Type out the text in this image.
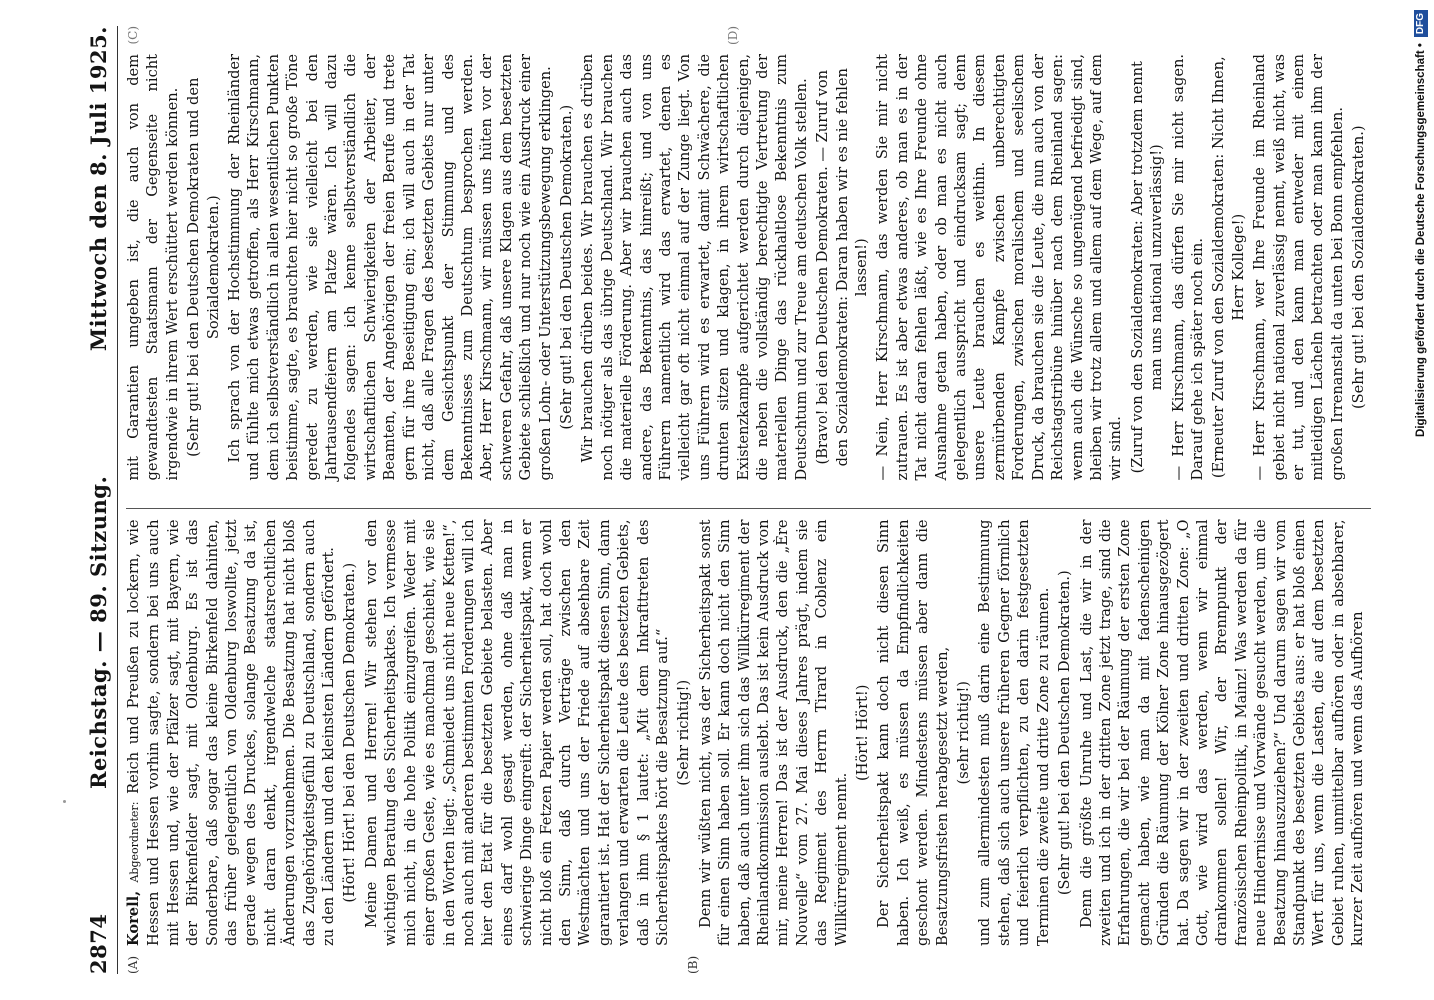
2874
Reichstag. — 89. Sitzung.
Mittwoch den 8. Juli 1925.
(A)	(B)

Korell, Abgeordneter: Reich und Preußen zu lockern, wie Hessen und Hessen vorhin sagte, sondern bei uns auch mit Hessen und, wie der Pfälzer sagt, mit Bayern, wie der Birkenfelder sagt, mit Oldenburg. Es ist das Sonderbare, daß sogar das kleine Birkenfeld dahinten, das früher gelegentlich von Oldenburg loswollte, jetzt gerade wegen des Druckes, solange Besatzung da ist, nicht daran denkt, irgendwelche staatsrechtlichen Änderungen vorzunehmen. Die Besatzung hat nicht bloß das Zugehörigkeitsgefühl zu Deutschland, sondern auch zu den Ländern und den kleinsten Ländern gefördert. (Hört! Hört! bei den Deutschen Demokraten.) Meine Damen und Herren! Wir stehen vor den wichtigen Beratung des Sicherheitspaktes. Ich vermesse mich nicht, in die hohe Politik einzugreifen. Weder mit einer großen Geste, wie es manchmal geschieht, wie sie in den Worten liegt: „Schmiedet uns nicht neue Ketten!“, noch auch mit anderen bestimmten Forderungen will ich hier den Etat für die besetzten Gebiete belasten. Aber eines darf wohl gesagt werden, ohne daß man in schwierige Dinge eingreift: der Sicherheitspakt, wenn er nicht bloß ein Fetzen Papier werden soll, hat doch wohl den Sinn, daß durch Verträge zwischen den Westmächten und uns der Friede auf absehbare Zeit garantiert ist. Hat der Sicherheitspakt diesen Sinn, dann verlangen und erwarten die Leute des besetzten Gebiets, daß in ihm § 1 lautet: „Mit dem Inkrafttreten des Sicherheitspaktes hört die Besatzung auf.“ (Sehr richtig!) Denn wir wüßten nicht, was der Sicherheitspakt sonst für einen Sinn haben soll. Er kann doch nicht den Sinn haben, daß auch unter ihm sich das Willkürregiment der Rheinlandkommission auslebt. Das ist kein Ausdruck von mir, meine Herren! Das ist der Ausdruck, den die „Ère Nouvelle“ vom 27. Mai dieses Jahres prägt, indem sie das Regiment des Herrn Tirard in Coblenz ein Willkürregiment nennt.

(Hört! Hört!) Der Sicherheitspakt kann doch nicht diesen Sinn haben. Ich weiß, es müssen da Empfindlichkeiten geschont werden. Mindestens müssen aber dann die Besatzungsfristen herabgesetzt werden, (sehr richtig!) und zum allermindesten muß darin eine Bestimmung stehen, daß sich auch unsere früheren Gegner förmlich und feierlich verpflichten, zu den darin festgesetzten Terminen die zweite und dritte Zone zu räumen. (Sehr gut! bei den Deutschen Demokraten.) Denn die größte Unruhe und Last, die wir in der zweiten und ich in der dritten Zone jetzt trage, sind die Erfahrungen, die wir bei der Räumung der ersten Zone gemacht haben, wie man da mit fadenscheinigen Gründen die Räumung der Kölner Zone hinausgezögert hat. Da sagen wir in der zweiten und dritten Zone: „O Gott, wie wird das werden, wenn wir einmal drankommen sollen! Wir, der Brennpunkt der französischen Rheinpolitik, in Mainz! Was werden da für neue Hindernisse und Vorwände gesucht werden, um die Besatzung hinauszuziehen?“ Und darum sagen wir vom Standpunkt des besetzten Gebiets aus: er hat bloß einen Wert für uns, wenn die Lasten, die auf dem besetzten Gebiet ruhen, unmittelbar aufhören oder in absehbarer, kurzer Zeit aufhören und wenn das Aufhören

(C)	(D)

mit Garantien umgeben ist, die auch von dem gewandtesten Staatsmann der Gegenseite nicht irgendwie in ihrem Wert erschüttert werden können. (Sehr gut! bei den Deutschen Demokraten und den Sozialdemokraten.) Ich sprach von der Hochstimmung der Rheinländer und fühlte mich etwas getroffen, als Herr Kirschmann, dem ich selbstverständlich in allen wesentlichen Punkten beistimme, sagte, es brauchten hier nicht so große Töne geredet zu werden, wie sie vielleicht bei den Jahrtausendfeiern am Platze wären. Ich will dazu folgendes sagen: ich kenne selbstverständlich die wirtschaftlichen Schwierigkeiten der Arbeiter, der Beamten, der Angehörigen der freien Berufe und trete gern für ihre Beseitigung ein; ich will auch in der Tat nicht, daß alle Fragen des besetzten Gebiets nur unter dem Gesichtspunkt der Stimmung und des Bekenntnisses zum Deutschtum besprochen werden. Aber, Herr Kirschmann, wir müssen uns hüten vor der schweren Gefahr, daß unsere Klagen aus dem besetzten Gebiete schließlich und nur noch wie ein Ausdruck einer großen Lohn- oder Unterstützungsbewegung erklingen. (Sehr gut! bei den Deutschen Demokraten.) Wir brauchen drüben beides. Wir brauchen es drüben noch nötiger als das übrige Deutschland. Wir brauchen die materielle Förderung. Aber wir brauchen auch das andere, das Bekenntnis, das hinreißt; und von uns Führern namentlich wird das erwartet, denen es vielleicht gar oft nicht einmal auf der Zunge liegt. Von uns Führern wird es erwartet, damit Schwächere, die drunten sitzen und klagen, in ihrem wirtschaftlichen Existenzkampfe aufgerichtet werden durch diejenigen, die neben die vollständig berechtigte Vertretung der materiellen Dinge das rückhaltlose Bekenntnis zum Deutschtum und zur Treue am deutschen Volk stellen. (Bravo! bei den Deutschen Demokraten. — Zuruf von den Sozialdemokraten: Daran haben wir es nie fehlen lassen!) — Nein, Herr Kirschmann, das werden Sie mir nicht zutrauen. Es ist aber etwas anderes, ob man es in der Tat nicht daran fehlen läßt, wie es Ihre Freunde ohne Ausnahme getan haben, oder ob man es nicht auch gelegentlich ausspricht und eindrucksam sagt; denn unsere Leute brauchen es weithin. In diesem zermürbenden Kampfe zwischen unberechtigten Forderungen, zwischen moralischem und seelischem Druck, da brauchen sie die Leute, die nun auch von der Reichstagstribüne hinüber nach dem Rheinland sagen: wenn auch die Wünsche so ungenügend befriedigt sind, bleiben wir trotz allem und allem auf dem Wege, auf dem wir sind. (Zuruf von den Sozialdemokraten: Aber trotzdem nennt man uns national unzuverlässig!) — Herr Kirschmann, das dürfen Sie mir nicht sagen. Darauf gehe ich später noch ein. (Erneuter Zuruf von den Sozialdemokraten: Nicht Ihnen, Herr Kollege!) — Herr Kirschmann, wer Ihre Freunde im Rheinland gebiet nicht national zuverlässig nennt, weiß nicht, was er tut, und den kann man entweder mit einem mitleidigen Lächeln betrachten oder man kann ihm der großen Irrenanstalt da unten bei Bonn empfehlen. (Sehr gut! bei den Sozialdemokraten.)	Digitalisierung gefördert durch die Deutsche Forschungsgemeinschaft •
DFG
